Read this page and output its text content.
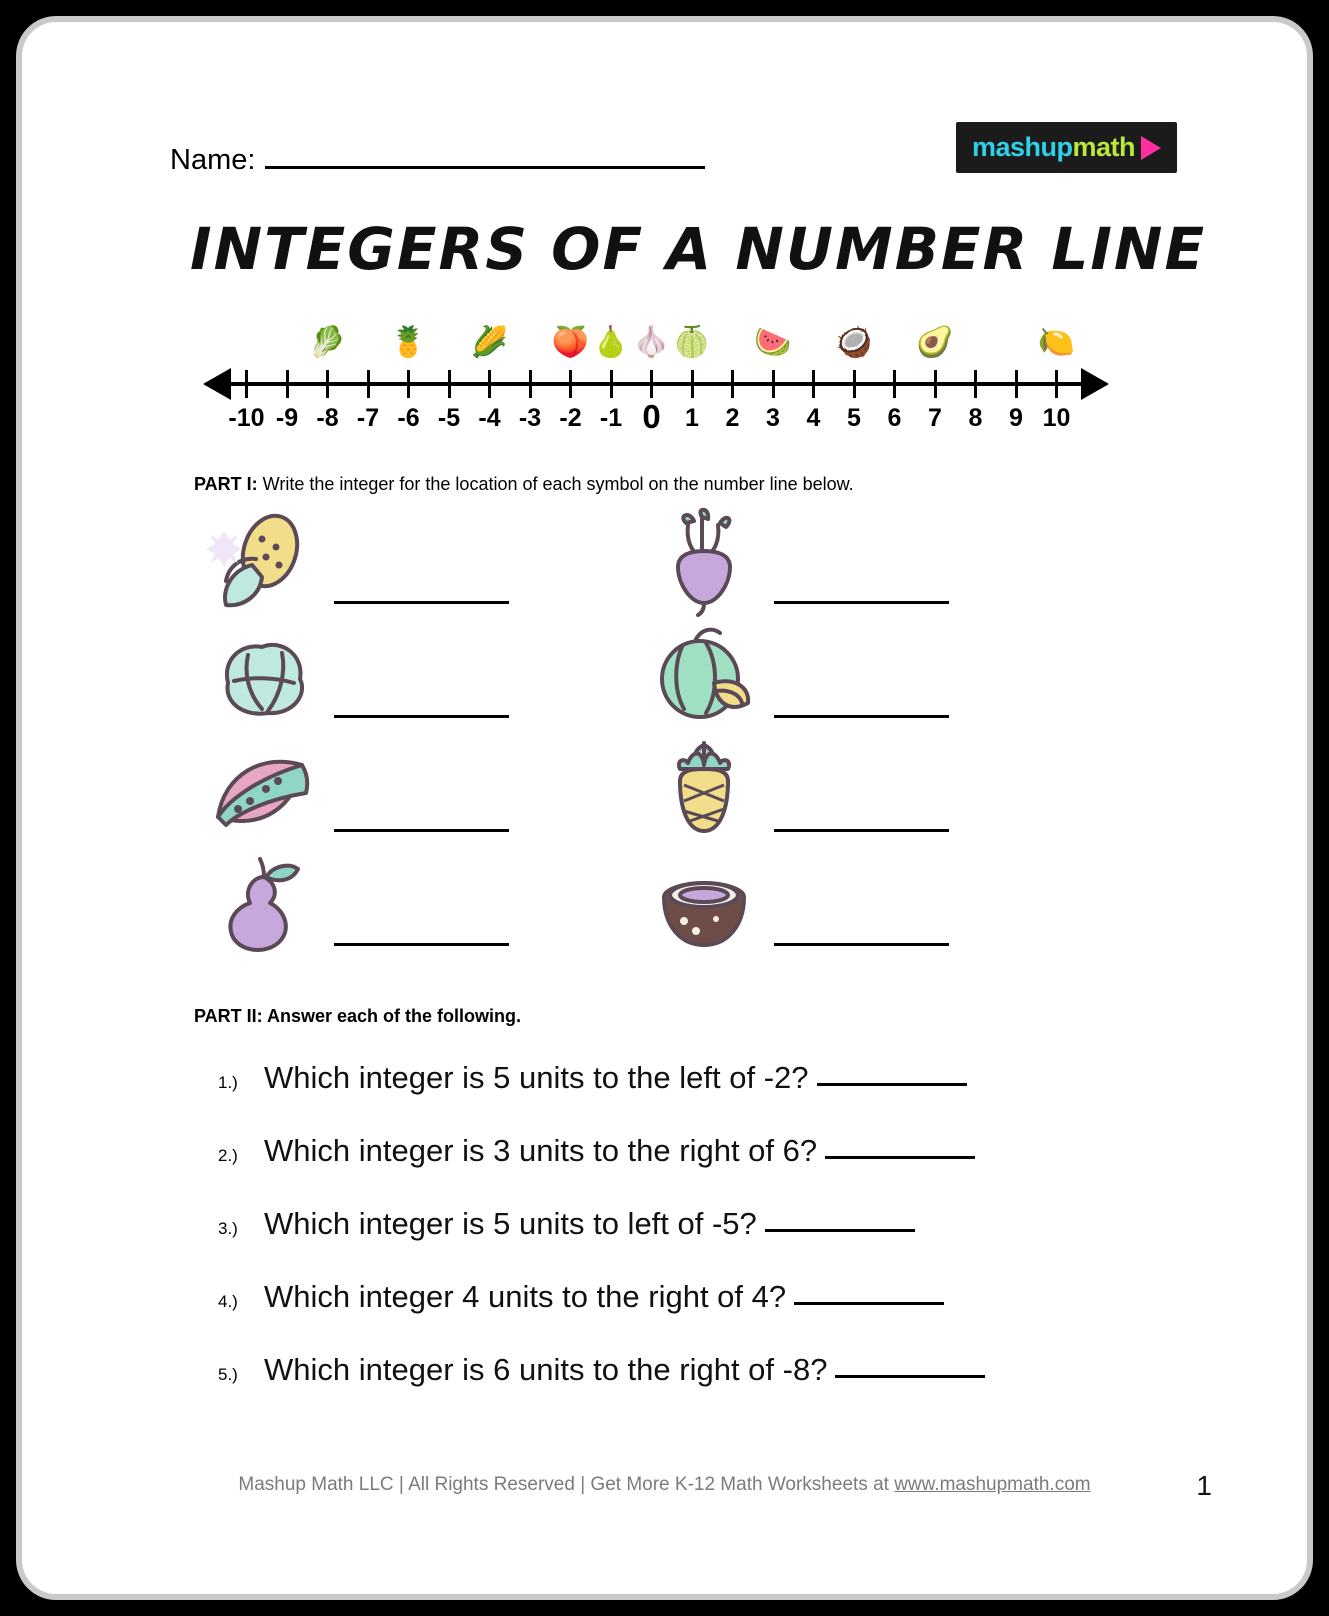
Name:	mashup math
INTEGERS OF A NUMBER LINE
-10 -9 -8 -7 -6 -5 -4 -3 -2 -1 0 1 2 3 4 5 6 7 8 9 10
🥬 🍍 🌽 🍑 🍐 🧄 🍈 🍉 🥥 🥑	🍋
PART I: Write the integer for the location of each symbol on the number line below.
PART II: Answer each of the following.
1.) Which integer is 5 units to the left of -2?
2.) Which integer is 3 units to the right of 6?
3.) Which integer is 5 units to left of -5?
4.) Which integer 4 units to the right of 4?
5.) Which integer is 6 units to the right of -8?
Mashup Math LLC | All Rights Reserved | Get More K-12 Math Worksheets at www.mashupmath.com	1
